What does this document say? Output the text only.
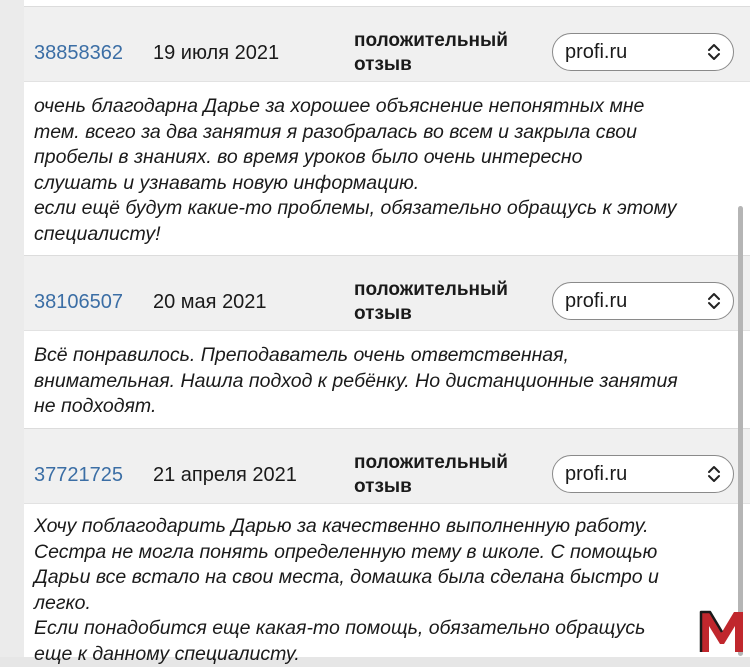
38858362 19 июля 2021
положительный отзыв
profi.ru
очень благодарна Дарье за хорошее объяснение непонятных мне
тем. всего за два занятия я разобралась во всем и закрыла свои
пробелы в знаниях. во время уроков было очень интересно
слушать и узнавать новую информацию.
если ещё будут какие-то проблемы, обязательно обращусь к этому
специалисту!
38106507 20 мая 2021
положительный отзыв
profi.ru
Всё понравилось. Преподаватель очень ответственная,
внимательная. Нашла подход к ребёнку. Но дистанционные занятия
не подходят.
37721725 21 апреля 2021
положительный отзыв
profi.ru
Хочу поблагодарить Дарью за качественно выполненную работу.
Сестра не могла понять определенную тему в школе. С помощью
Дарьи все встало на свои места, домашка была сделана быстро и
легко.
Если понадобится еще какая-то помощь, обязательно обращусь
еще к данному специалисту.
